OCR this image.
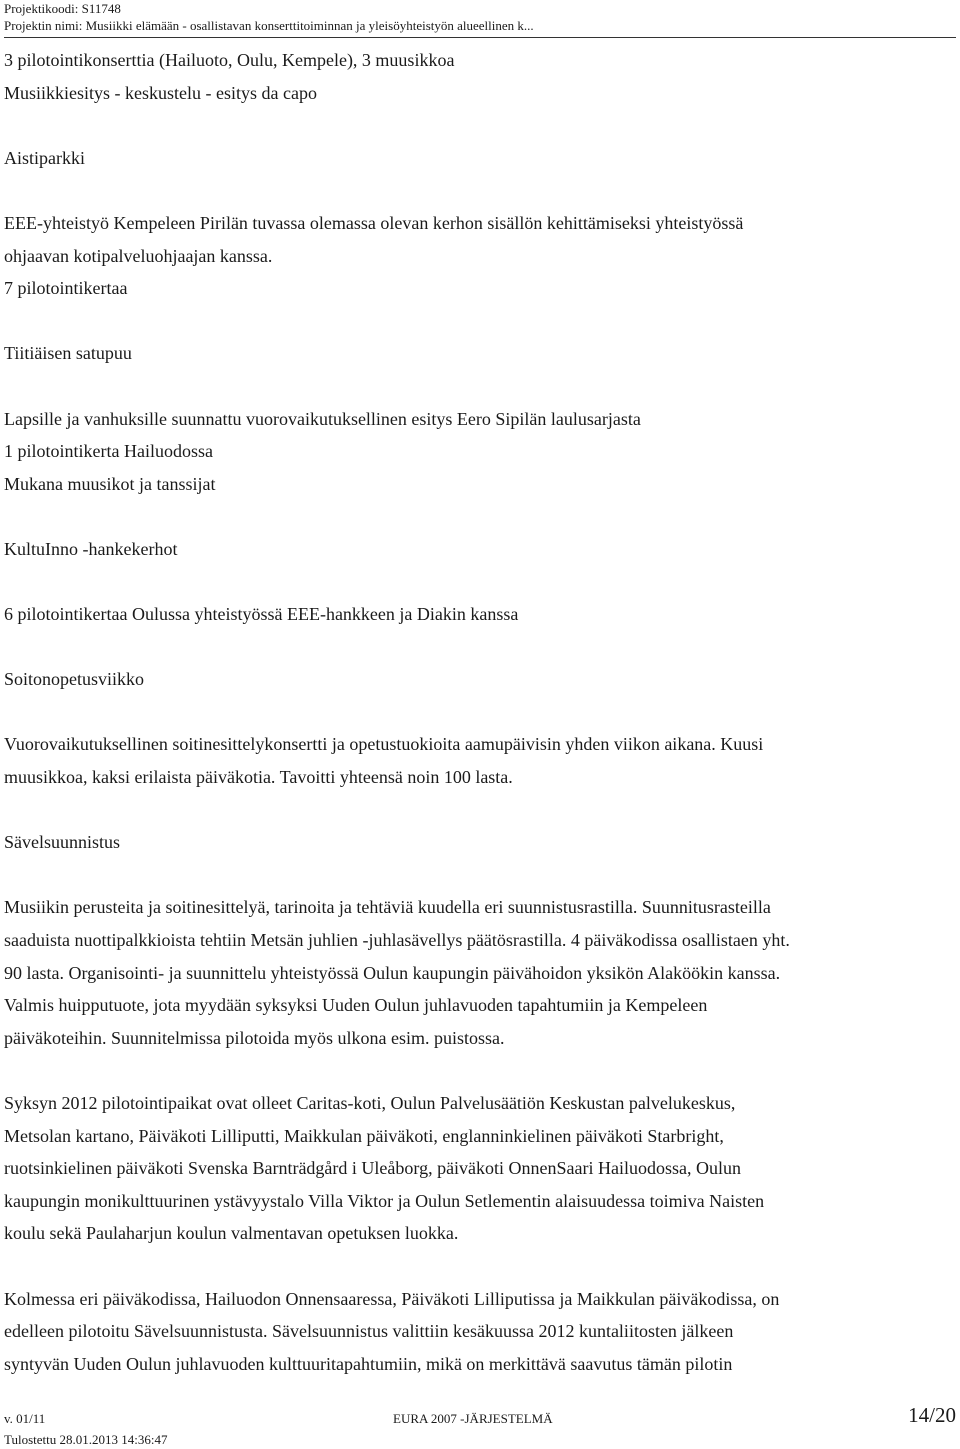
Projektikoodi: S11748
Projektin nimi: Musiikki elämään - osallistavan konserttitoiminnan ja yleisöyhteistyön alueellinen k...

3 pilotointikonserttia (Hailuoto, Oulu, Kempele), 3 muusikkoa

Musiikkiesitys - keskustelu - esitys da capo

Aistiparkki

EEE-yhteistyö Kempeleen Pirilän tuvassa olemassa olevan kerhon sisällön kehittämiseksi yhteistyössä

ohjaavan kotipalveluohjaajan kanssa.

7 pilotointikertaa

Tiitiäisen satupuu

Lapsille ja vanhuksille suunnattu vuorovaikutuksellinen esitys Eero Sipilän laulusarjasta

1 pilotointikerta Hailuodossa

Mukana muusikot ja tanssijat

KultuInno -hankekerhot

6 pilotointikertaa Oulussa yhteistyössä EEE-hankkeen ja Diakin kanssa

Soitonopetusviikko

Vuorovaikutuksellinen soitinesittelykonsertti ja opetustuokioita aamupäivisin yhden viikon aikana. Kuusi

muusikkoa, kaksi erilaista päiväkotia. Tavoitti yhteensä noin 100 lasta.

Sävelsuunnistus

Musiikin perusteita ja soitinesittelyä, tarinoita ja tehtäviä kuudella eri suunnistusrastilla. Suunnitusrasteilla

saaduista nuottipalkkioista tehtiin Metsän juhlien -juhlasävellys päätösrastilla. 4 päiväkodissa osallistaen yht.

90 lasta. Organisointi- ja suunnittelu yhteistyössä Oulun kaupungin päivähoidon yksikön Alaköökin kanssa.

Valmis huipputuote, jota myydään syksyksi Uuden Oulun juhlavuoden tapahtumiin ja Kempeleen

päiväkoteihin. Suunnitelmissa pilotoida myös ulkona esim. puistossa.

Syksyn 2012 pilotointipaikat ovat olleet Caritas-koti, Oulun Palvelusäätiön Keskustan palvelukeskus,

Metsolan kartano, Päiväkoti Lilliputti, Maikkulan päiväkoti, englanninkielinen päiväkoti Starbright,

ruotsinkielinen päiväkoti Svenska Barnträdgård i Uleåborg, päiväkoti OnnenSaari Hailuodossa, Oulun

kaupungin monikulttuurinen ystävyystalo Villa Viktor ja Oulun Setlementin alaisuudessa toimiva Naisten

koulu sekä Paulaharjun koulun valmentavan opetuksen luokka.

Kolmessa eri päiväkodissa, Hailuodon Onnensaaressa, Päiväkoti Lilliputissa ja Maikkulan päiväkodissa, on

edelleen pilotoitu Sävelsuunnistusta. Sävelsuunnistus valittiin kesäkuussa 2012 kuntaliitosten jälkeen

syntyvän Uuden Oulun juhlavuoden kulttuuritapahtumiin, mikä on merkittävä saavutus tämän pilotin

v. 01/11	EURA 2007 -JÄRJESTELMÄ	14/20
Tulostettu 28.01.2013 14:36:47
